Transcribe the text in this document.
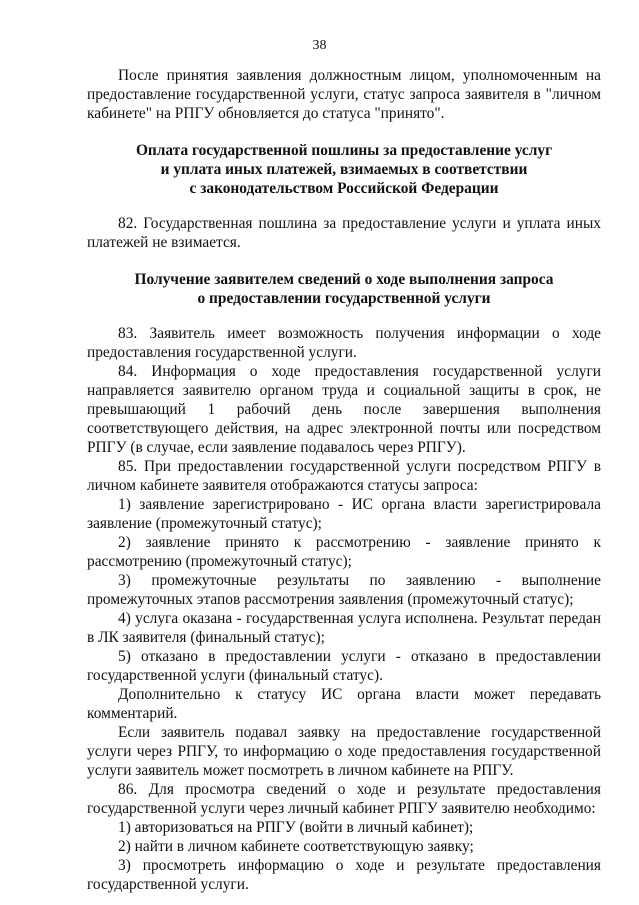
38

После принятия заявления должностным лицом, уполномоченным на предоставление государственной услуги, статус запроса заявителя в "личном кабинете" на РПГУ обновляется до статуса "принято".

Оплата государственной пошлины за предоставление услуг
и уплата иных платежей, взимаемых в соответствии
с законодательством Российской Федерации

82. Государственная пошлина за предоставление услуги и уплата иных платежей не взимается.

Получение заявителем сведений о ходе выполнения запроса
о предоставлении государственной услуги

83. Заявитель имеет возможность получения информации о ходе предоставления государственной услуги.

84. Информация о ходе предоставления государственной услуги направляется заявителю органом труда и социальной защиты в срок, не превышающий 1 рабочий день после завершения выполнения соответствующего действия, на адрес электронной почты или посредством РПГУ (в случае, если заявление подавалось через РПГУ).

85. При предоставлении государственной услуги посредством РПГУ в личном кабинете заявителя отображаются статусы запроса:

1) заявление зарегистрировано - ИС органа власти зарегистрировала заявление (промежуточный статус);

2) заявление принято к рассмотрению - заявление принято к рассмотрению (промежуточный статус);

3) промежуточные результаты по заявлению - выполнение промежуточных этапов рассмотрения заявления (промежуточный статус);

4) услуга оказана - государственная услуга исполнена. Результат передан в ЛК заявителя (финальный статус);

5) отказано в предоставлении услуги - отказано в предоставлении государственной услуги (финальный статус).

Дополнительно к статусу ИС органа власти может передавать комментарий.

Если заявитель подавал заявку на предоставление государственной услуги через РПГУ, то информацию о ходе предоставления государственной услуги заявитель может посмотреть в личном кабинете на РПГУ.

86. Для просмотра сведений о ходе и результате предоставления государственной услуги через личный кабинет РПГУ заявителю необходимо:

1) авторизоваться на РПГУ (войти в личный кабинет);

2) найти в личном кабинете соответствующую заявку;

3) просмотреть информацию о ходе и результате предоставления государственной услуги.
